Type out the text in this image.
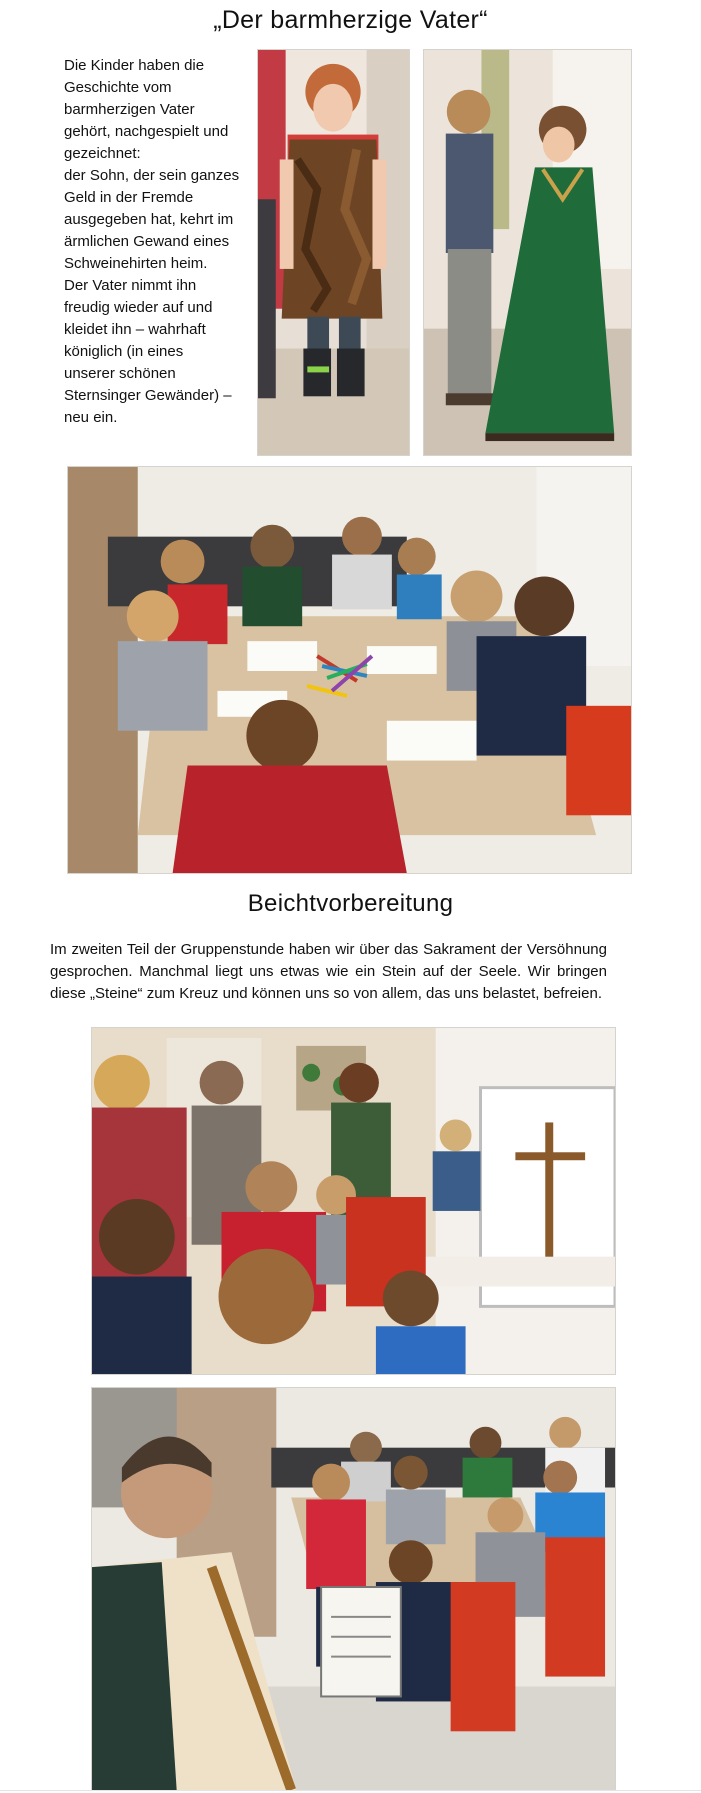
„Der barmherzige Vater“
Die Kinder haben die
Geschichte vom
barmherzigen Vater
gehört, nachgespielt und
gezeichnet:
der Sohn, der sein ganzes
Geld in der Fremde
ausgegeben hat, kehrt im
ärmlichen Gewand eines
Schweinehirten heim.
Der Vater nimmt ihn
freudig wieder auf und
kleidet ihn – wahrhaft
königlich (in eines
unserer schönen
Sternsinger Gewänder) –
neu ein.
Beichtvorbereitung
Im zweiten Teil der Gruppenstunde haben wir über das Sakrament der Versöhnung gesprochen. Manchmal liegt uns etwas wie ein Stein auf der Seele. Wir bringen diese „Steine“ zum Kreuz und können uns so von allem, das uns belastet, befreien.
